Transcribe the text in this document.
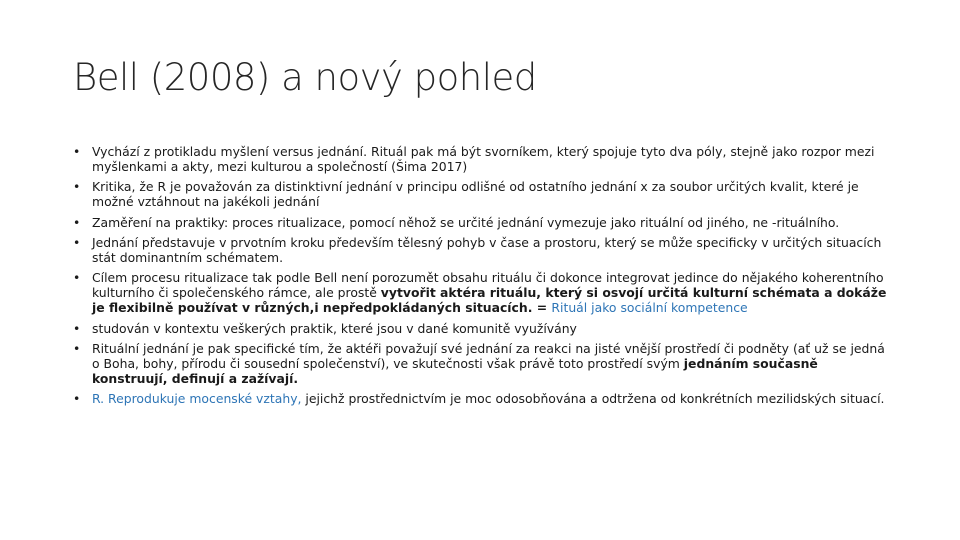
Bell (2008) a nový pohled
• Vychází z protikladu myšlení versus jednání. Rituál pak má být svorníkem, který spojuje tyto dva póly, stejně jako rozpor mezi myšlenkami a akty, mezi kulturou a společností (Šima 2017)
• Kritika, že R je považován za distinktivní jednání v principu odlišné od ostatního jednání x za soubor určitých kvalit, které je možné vztáhnout na jakékoli jednání
• Zaměření na praktiky: proces ritualizace, pomocí něhož se určité jednání vymezuje jako rituální od jiného, ne -rituálního.
• Jednání představuje v prvotním kroku především tělesný pohyb v čase a prostoru, který se může specificky v určitých situacích stát dominantním schématem.
• Cílem procesu ritualizace tak podle Bell není porozumět obsahu rituálu či dokonce integrovat jedince do nějakého koherentního kulturního či společenského rámce, ale prostě vytvořit aktéra rituálu, který si osvojí určitá kulturní schémata a dokáže je flexibilně používat v různých,i nepředpokládaných situacích. = Rituál jako sociální kompetence
• studován v kontextu veškerých praktik, které jsou v dané komunitě využívány
• Rituální jednání je pak specifické tím, že aktéři považují své jednání za reakci na jisté vnější prostředí či podněty (ať už se jedná o Boha, bohy, přírodu či sousední společenství), ve skutečnosti však právě toto prostředí svým jednáním současně konstruují, definují a zažívají.
• R. Reprodukuje mocenské vztahy, jejichž prostřednictvím je moc odosobňována a odtržena od konkrétních mezilidských situací.
